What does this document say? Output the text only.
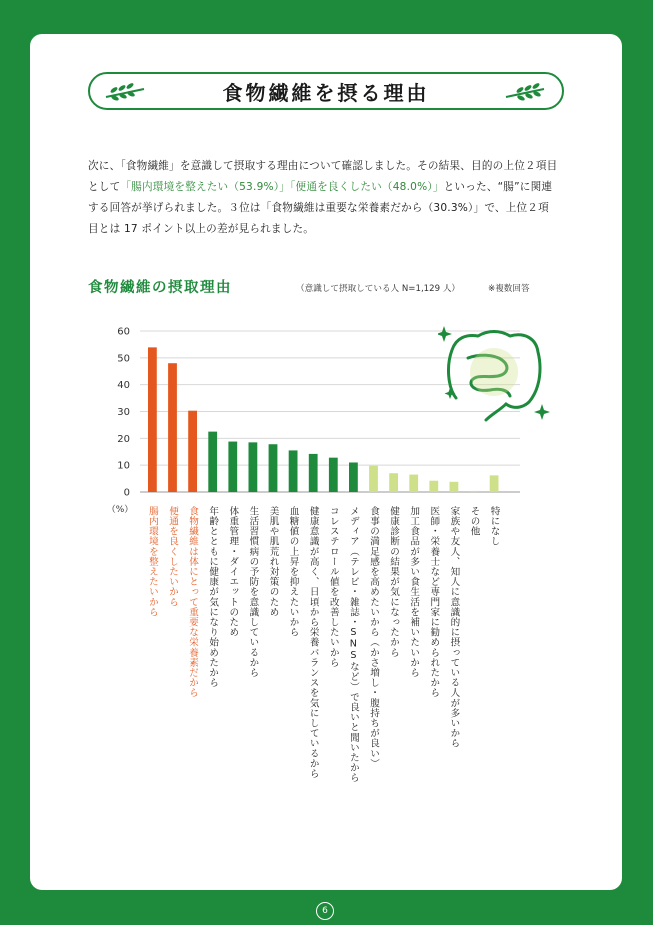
食物繊維を摂る理由
次に、「食物繊維」を意識して摂取する理由について確認しました。その結果、目的の上位２項目として「腸内環境を整えたい（53.9%）」「便通を良くしたい（48.0%）」といった、“腸”に関連する回答が挙げられました。３位は「食物繊維は重要な栄養素だから（30.3%）」で、上位２項目とは 17 ポイント以上の差が見られました。
食物繊維の摂取理由	（意識して摂取している人 N=1,129 人）	※複数回答
0
10
20
30
40
50
60
（%） 腸内環境を整えたいから 便通を良くしたいから 食物繊維は体にとって重要な栄養素だから 年齢とともに健康が気になり始めたから 体重管理・ダイエットのため 生活習慣病の予防を意識しているから 美肌や肌荒れ対策のため 血糖値の上昇を抑えたいから 健康意識が高く、日頃から栄養バランスを気にしているから コレステロール値を改善したいから メディア（テレビ・雑誌・SNSなど）で良いと聞いたから 食事の満足感を高めたいから（かさ増し・腹持ちが良い） 健康診断の結果が気になったから 加工食品が多い食生活を補いたいから 医師・栄養士など専門家に勧められたから 家族や友人、知人に意識的に摂っている人が多いから その他 特になし
6
